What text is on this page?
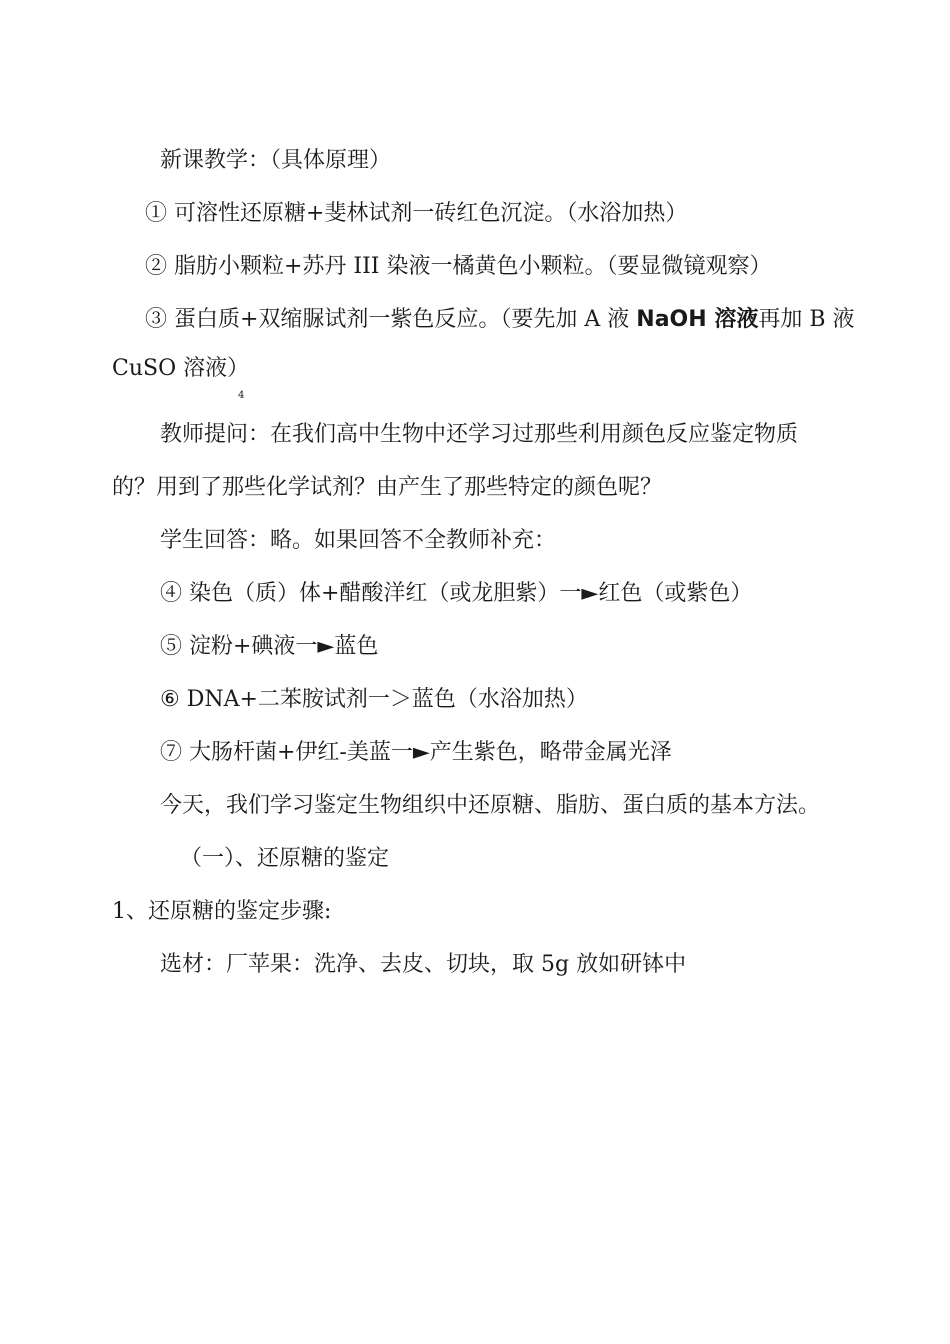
新课教学：（具体原理）
① 可溶性还原糖+斐林试剂一砖红色沉淀。（水浴加热）
② 脂肪小颗粒+苏丹 III 染液一橘黄色小颗粒。（要显微镜观察）
③ 蛋白质+双缩脲试剂一紫色反应。（要先加 A 液 NaOH 溶液再加 B 液
CuSO 溶液）
4
教师提问：在我们高中生物中还学习过那些利用颜色反应鉴定物质
的？用到了那些化学试剂？由产生了那些特定的颜色呢？
学生回答：略。如果回答不全教师补充：
④ 染色（质）体+醋酸洋红（或龙胆紫）一►红色（或紫色）
⑤ 淀粉+碘液一►蓝色
⑥ DNA+二苯胺试剂一＞蓝色（水浴加热）
⑦ 大肠杆菌+伊红-美蓝一►产生紫色，略带金属光泽
今天，我们学习鉴定生物组织中还原糖、脂肪、蛋白质的基本方法。
（一）、还原糖的鉴定
1、还原糖的鉴定步骤:
选材：厂苹果：洗净、去皮、切块，取 5g 放如研钵中
